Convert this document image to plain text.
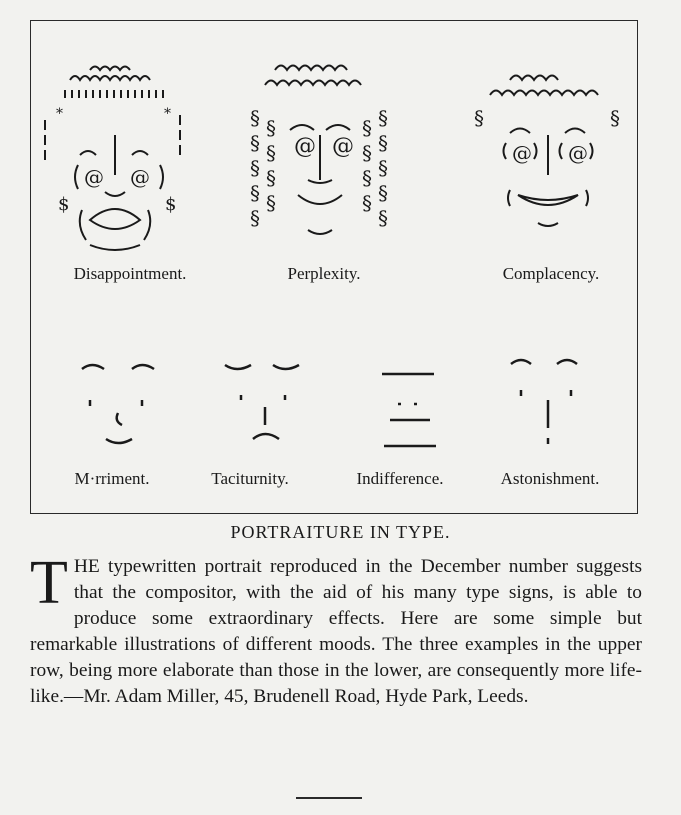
@ @
$	$
*	*
@ @
§
§
§
§
§
§
§
§
§
§
§
§
§
§
§
§
§
§
@ @
§	§
Disappointment.	Perplexity.	Complacency.
M·rriment.	Taciturnity.	Indifference.	Astonishment.
PORTRAITURE IN TYPE.
T HE typewritten portrait reproduced in the December number suggests that the compositor, with the aid of his many type signs, is able to produce some extraordinary effects. Here are some simple but remarkable illustrations of different moods. The three examples in the upper row, being more elaborate than those in the lower, are consequently more life-like.—Mr. Adam Miller, 45, Brudenell Road, Hyde Park, Leeds.
